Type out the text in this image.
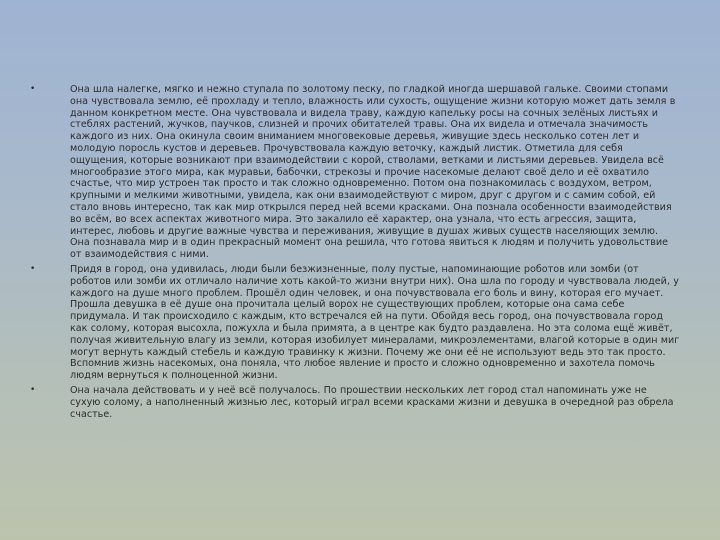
•	Она шла налегке, мягко и нежно ступала по золотому песку, по гладкой иногда шершавой гальке. Своими стопами она чувствовала землю, её прохладу и тепло, влажность или сухость, ощущение жизни которую может дать земля в данном конкретном месте. Она чувствовала и видела траву, каждую капельку росы на сочных зелёных листьях и стеблях растений, жучков, паучков, слизней и прочих обитателей травы. Она их видела и отмечала значимость каждого из них. Она окинула своим вниманием многовековые деревья, живущие здесь несколько сотен лет и молодую поросль кустов и деревьев. Прочувствовала каждую веточку, каждый листик. Отметила для себя ощущения, которые возникают при взаимодействии с корой, стволами, ветками и листьями деревьев. Увидела всё многообразие этого мира, как муравьи, бабочки, стрекозы и прочие насекомые делают своё дело и её охватило счастье, что мир устроен так просто и так сложно одновременно. Потом она познакомилась с воздухом, ветром, крупными и мелкими животными, увидела, как они взаимодействуют с миром, друг с другом и с самим собой, ей стало вновь интересно, так как мир открылся перед ней всеми красками. Она познала особенности взаимодействия во всём, во всех аспектах животного мира. Это закалило её характер, она узнала, что есть агрессия, защита, интерес, любовь и другие важные чувства и переживания, живущие в душах живых существ населяющих землю. Она познавала мир и в один прекрасный момент она решила, что готова явиться к людям и получить удовольствие от взаимодействия с ними.
•	Придя в город, она удивилась, люди были безжизненные, полу пустые, напоминающие роботов или зомби (от роботов или зомби их отличало наличие хоть какой-то жизни внутри них). Она шла по городу и чувствовала людей, у каждого на душе много проблем. Прошёл один человек, и она почувствовала его боль и вину, которая его мучает. Прошла девушка в её душе она прочитала целый ворох не существующих проблем, которые она сама себе придумала. И так происходило с каждым, кто встречался ей на пути. Обойдя весь город, она почувствовала город как солому, которая высохла, пожухла и была примята, а в центре как будто раздавлена. Но эта солома ещё живёт, получая живительную влагу из земли, которая изобилует минералами, микроэлементами, влагой которые в один миг могут вернуть каждый стебель и каждую травинку к жизни. Почему же они её не используют ведь это так просто. Вспомнив жизнь насекомых, она поняла, что любое явление и просто и сложно одновременно и захотела помочь людям вернуться к полноценной жизни.
•	Она начала действовать и у неё всё получалось. По прошествии нескольких лет город стал напоминать уже не сухую солому, а наполненный жизнью лес, который играл всеми красками жизни и девушка в очередной раз обрела счастье.
